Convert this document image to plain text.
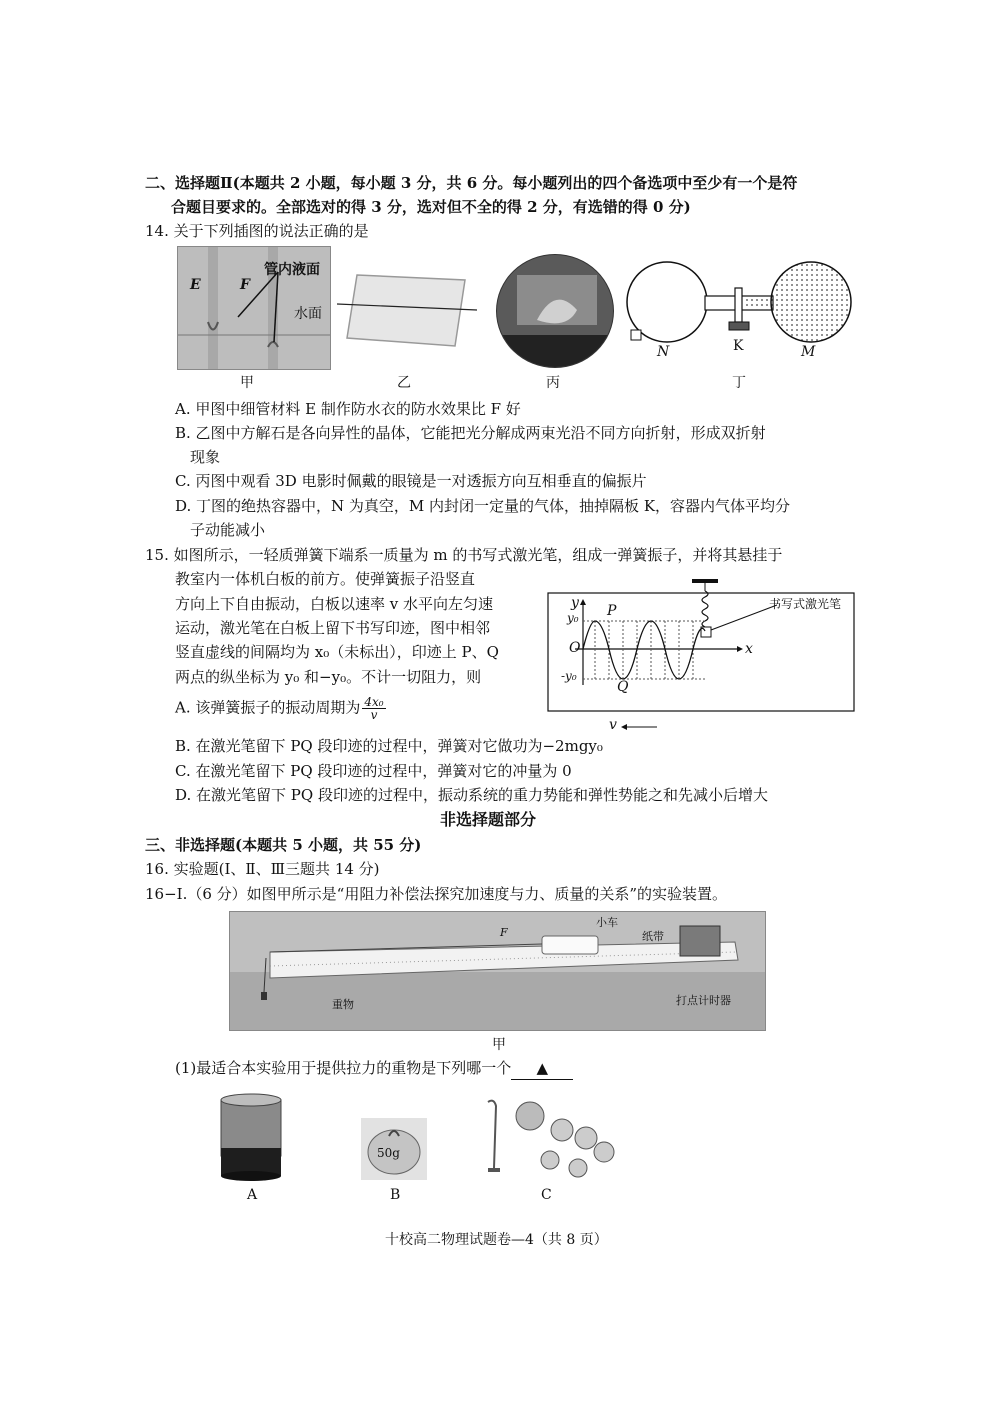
二、选择题Ⅱ(本题共 2 小题，每小题 3 分，共 6 分。每小题列出的四个备选项中至少有一个是符
合题目要求的。全部选对的得 3 分，选对但不全的得 2 分，有选错的得 0 分)
14. 关于下列插图的说法正确的是
管内液面
E	F
水面
甲	乙	丙
N	K	M
丁
A. 甲图中细管材料 E 制作防水衣的防水效果比 F 好
B. 乙图中方解石是各向异性的晶体，它能把光分解成两束光沿不同方向折射，形成双折射
现象
C. 丙图中观看 3D 电影时佩戴的眼镜是一对透振方向互相垂直的偏振片
D. 丁图的绝热容器中，N 为真空，M 内封闭一定量的气体，抽掉隔板 K，容器内气体平均分
子动能减小
15. 如图所示，一轻质弹簧下端系一质量为 m 的书写式激光笔，组成一弹簧振子，并将其悬挂于
教室内一体机白板的前方。使弹簧振子沿竖直
方向上下自由振动，白板以速率 v 水平向左匀速
运动，激光笔在白板上留下书写印迹，图中相邻
竖直虚线的间隔均为 x₀（未标出），印迹上 P、Q
两点的纵坐标为 y₀ 和−y₀。不计一切阻力，则
A. 该弹簧振子的振动周期为 $\frac{\text{4x₀}}{v}$
B. 在激光笔留下 PQ 段印迹的过程中，弹簧对它做功为−2mgy₀
C. 在激光笔留下 PQ 段印迹的过程中，弹簧对它的冲量为 0
D. 在激光笔留下 PQ 段印迹的过程中，振动系统的重力势能和弹性势能之和先减小后增大
y
y₀
O
-y₀
x
P
Q
书写式激光笔
v
非选择题部分
三、非选择题(本题共 5 小题，共 55 分)
16. 实验题(Ⅰ、Ⅱ、Ⅲ三题共 14 分)
16−Ⅰ.（6 分）如图甲所示是“用阻力补偿法探究加速度与力、质量的关系”的实验装置。
小车
纸带
F
重物	打点计时器
甲
(1)最适合本实验用于提供拉力的重物是下列哪一个 ▲
A
50g
B	C
十校高二物理试题卷—4（共 8 页）
